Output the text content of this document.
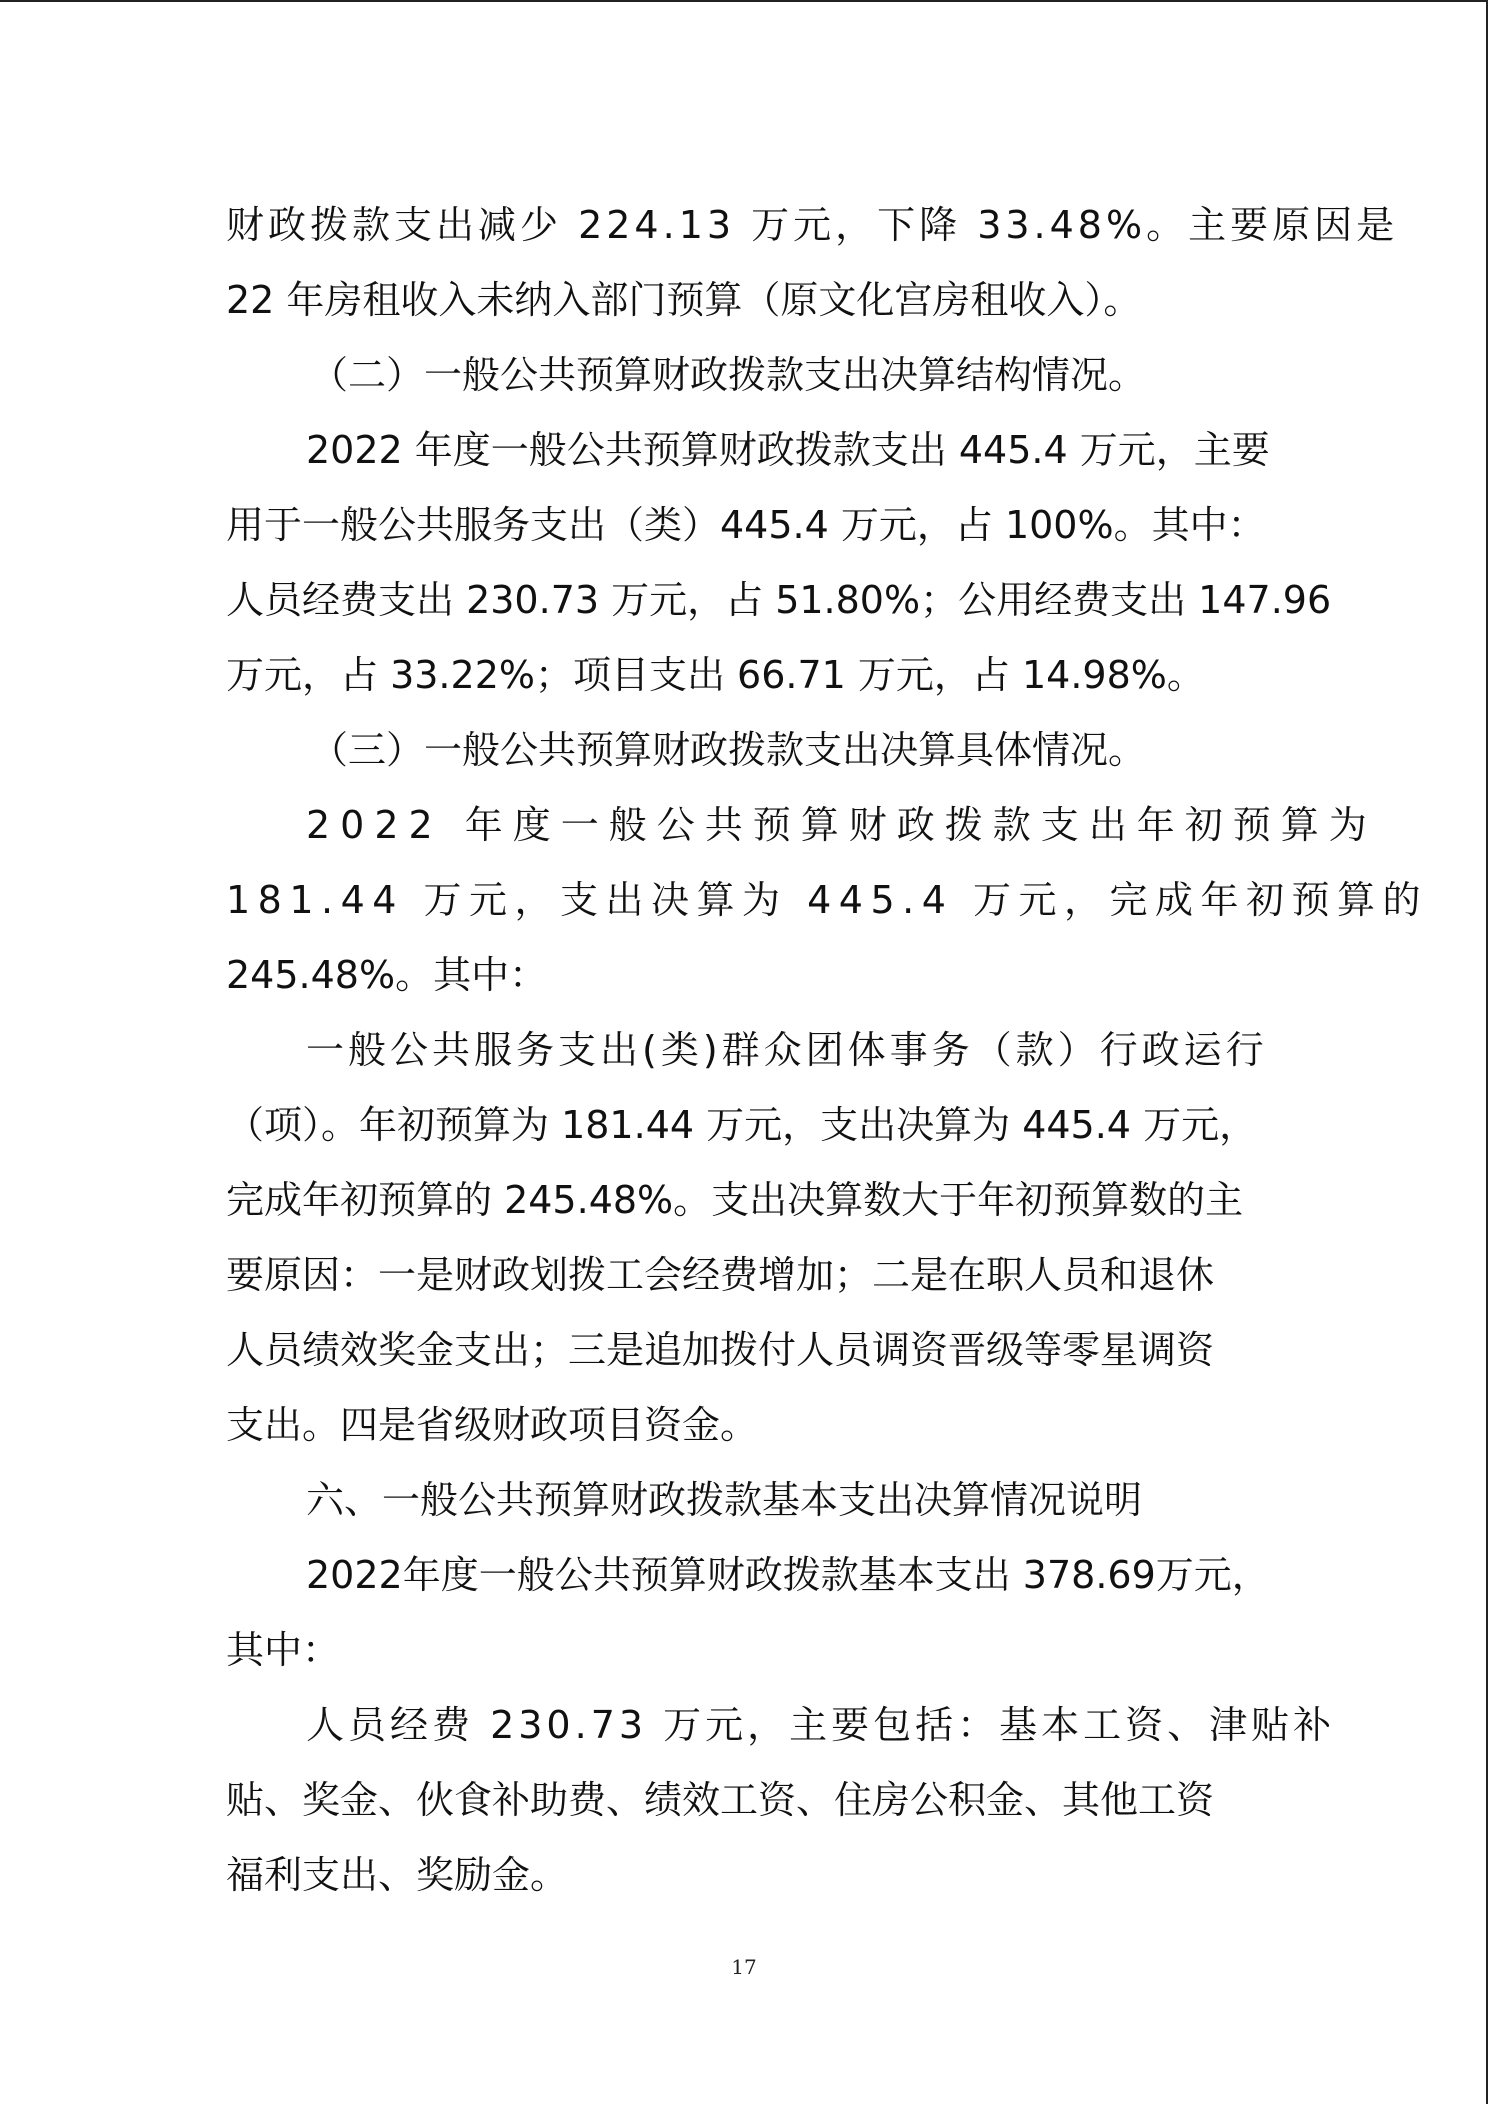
财政拨款支出减少 224.13 万元，下降 33.48%。主要原因是
22 年房租收入未纳入部门预算（原文化宫房租收入）。
（二）一般公共预算财政拨款支出决算结构情况。
2022 年度一般公共预算财政拨款支出 445.4 万元，主要
用于一般公共服务支出（类）445.4 万元，占 100%。其中：
人员经费支出 230.73 万元，占 51.80%；公用经费支出 147.96
万元，占 33.22%；项目支出 66.71 万元，占 14.98%。
（三）一般公共预算财政拨款支出决算具体情况。
2022 年度一般公共预算财政拨款支出年初预算为
181.44 万元，支出决算为 445.4 万元，完成年初预算的
245.48%。其中：
一般公共服务支出(类)群众团体事务（款）行政运行
（项）。年初预算为 181.44 万元，支出决算为 445.4 万元，
完成年初预算的 245.48%。支出决算数大于年初预算数的主
要原因：一是财政划拨工会经费增加；二是在职人员和退休
人员绩效奖金支出；三是追加拨付人员调资晋级等零星调资
支出。四是省级财政项目资金。
六、一般公共预算财政拨款基本支出决算情况说明
2022年度一般公共预算财政拨款基本支出 378.69万元，
其中：
人员经费 230.73 万元，主要包括：基本工资、津贴补
贴、奖金、伙食补助费、绩效工资、住房公积金、其他工资
福利支出、奖励金。
17
